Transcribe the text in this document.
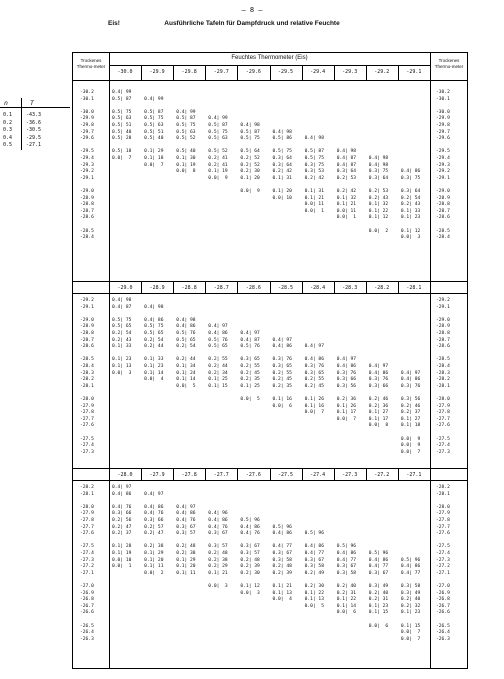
— 8 —
Eis!	Ausführliche Tafeln für Dampfdruck und relative Feuchte
Trockenes Thermo-meter
Trockenes Thermo-meter
Feuchtes Thermometer (Eis)
n	T
0.1	-43.3
0.2	-36.6
0.3	-30.5
0.4	-29.5
0.5	-27.1
-30.0	-29.9	-29.8	-29.7	-29.6	-29.5	-29.4	-29.3	-29.2	-29.1
-30.2	0.4| 99	-30.2
-30.1	0.5| 87	0.4| 99	-30.1
-30.0	0.5| 75	0.5| 87	0.4| 99	-30.0
-29.9	0.5| 63	0.5| 75	0.5| 87	0.4| 99	-29.9
-29.8	0.5| 51	0.5| 63	0.5| 75	0.5| 87	0.4| 98	-29.8
-29.7	0.5| 40	0.5| 51	0.5| 63	0.5| 75	0.5| 87	0.4| 98	-29.7
-29.6	0.5| 28	0.5| 40	0.5| 52	0.5| 63	0.5| 75	0.5| 86	0.4| 98	-29.6
-29.5	0.5| 18	0.1| 29	0.5| 40	0.5| 52	0.5| 64	0.5| 75	0.5| 87	0.4| 98	-29.5
-29.4	0.0|  7	0.1| 18	0.1| 30	0.2| 41	0.2| 52	0.3| 64	0.5| 75	0.4| 87	0.4| 98	-29.4
-29.3	0.0|  7	0.1| 19	0.2| 41	0.2| 52	0.3| 64	0.3| 75	0.4| 87	0.4| 98	-29.3
-29.2	0.0|  8	0.1| 19	0.2| 30	0.2| 42	0.3| 53	0.3| 64	0.3| 75	0.4| 86	-29.2
-29.1	0.0|  9	0.1| 20	0.1| 31	0.2| 42	0.2| 53	0.3| 64	0.3| 75	-29.1
-29.0	0.0|  9	0.1| 20	0.1| 31	0.2| 42	0.2| 53	0.3| 64	-29.0
-28.9	0.0| 10	0.1| 21	0.1| 32	0.2| 43	0.2| 54	-28.9
-28.8	0.0| 11	0.1| 21	0.1| 32	0.2| 43	-28.8
-28.7	0.0|  1	0.0| 11	0.1| 22	0.1| 33	-28.7
-28.6	0.0|  1	0.1| 12	0.1| 23	-28.6
-28.5	0.0|  2	0.1| 12	-28.5
-28.4	0.0|  3	-28.4
-29.0	-28.9	-28.8	-28.7	-28.6	-28.5	-28.4	-28.3	-28.2	-28.1
-29.2	0.4| 98	-29.2
-29.1	0.4| 87	0.4| 98	-29.1
-29.0	0.5| 75	0.4| 86	0.4| 98	-29.0
-28.9	0.5| 65	0.5| 75	0.4| 86	0.4| 97	-28.9
-28.8	0.2| 54	0.5| 65	0.5| 76	0.4| 86	0.4| 97	-28.8
-28.7	0.2| 43	0.2| 54	0.5| 65	0.5| 76	0.4| 87	0.4| 97	-28.7
-28.6	0.1| 33	0.2| 44	0.2| 54	0.5| 65	0.5| 76	0.4| 86	0.4| 97	-28.6
-28.5	0.1| 23	0.1| 33	0.2| 44	0.2| 55	0.3| 65	0.3| 76	0.4| 86	0.4| 97	-28.5
-28.4	0.1| 13	0.1| 23	0.1| 34	0.2| 44	0.2| 55	0.3| 65	0.3| 76	0.4| 86	0.4| 97	-28.4
-28.3	0.0|  3	0.1| 14	0.1| 24	0.2| 34	0.2| 45	0.2| 55	0.3| 65	0.3| 76	0.4| 86	0.4| 97	-28.3
-28.2	0.0|  4	0.1| 14	0.1| 25	0.2| 35	0.2| 45	0.2| 55	0.3| 66	0.3| 76	0.4| 86	-28.2
-28.1	0.0|  5	0.1| 15	0.1| 25	0.2| 35	0.2| 45	0.3| 56	0.3| 66	0.3| 76	-28.1
-28.0	0.0|  5	0.1| 16	0.1| 26	0.2| 36	0.2| 46	0.3| 56	-28.0
-27.9	0.0|  6	0.1| 16	0.1| 26	0.2| 36	0.2| 46	-27.9
-27.8	0.0|  7	0.1| 17	0.1| 27	0.2| 37	-27.8
-27.7	0.0|  7	0.1| 17	0.1| 27	-27.7
-27.6	0.0|  8	0.1| 18	-27.6
-27.5	0.0|  9	-27.5
-27.4	0.0|  9	-27.4
-27.3	0.0|  7	-27.3
-28.0	-27.9	-27.8	-27.7	-27.6	-27.5	-27.4	-27.3	-27.2	-27.1
-28.2	0.4| 97	-28.2
-28.1	0.4| 86	0.4| 97	-28.1
-28.0	0.4| 76	0.4| 86	0.4| 97	-28.0
-27.9	0.3| 66	0.4| 76	0.4| 86	0.4| 96	-27.9
-27.8	0.2| 56	0.3| 66	0.4| 76	0.4| 86	0.5| 96	-27.8
-27.7	0.2| 47	0.2| 57	0.3| 67	0.4| 76	0.4| 86	0.5| 96	-27.7
-27.6	0.2| 37	0.2| 47	0.3| 57	0.3| 67	0.4| 76	0.4| 86	0.5| 96	-27.6
-27.5	0.1| 28	0.2| 38	0.2| 48	0.3| 57	0.3| 67	0.4| 77	0.4| 86	0.5| 96	-27.5
-27.4	0.1| 19	0.1| 29	0.2| 38	0.2| 48	0.3| 57	0.3| 67	0.4| 77	0.4| 86	0.5| 96	-27.4
-27.3	0.0| 10	0.1| 20	0.1| 29	0.2| 38	0.2| 48	0.3| 58	0.3| 67	0.4| 77	0.4| 86	0.5| 96	-27.3
-27.2	0.0|  1	0.1| 11	0.1| 20	0.2| 29	0.2| 39	0.2| 48	0.3| 58	0.3| 67	0.4| 77	0.4| 86	-27.2
-27.1	0.0|  2	0.1| 11	0.1| 21	0.2| 30	0.2| 39	0.2| 49	0.3| 58	0.3| 67	0.4| 77	-27.1
-27.0	0.0|  3	0.1| 12	0.1| 21	0.2| 30	0.2| 40	0.3| 49	0.3| 58	-27.0
-26.9	0.0|  3	0.1| 13	0.1| 22	0.2| 31	0.2| 40	0.3| 49	-26.9
-26.8	0.0|  4	0.1| 13	0.1| 22	0.2| 31	0.2| 40	-26.8
-26.7	0.0|  5	0.1| 14	0.1| 23	0.2| 32	-26.7
-26.6	0.0|  6	0.1| 15	0.1| 23	-26.6
-26.5	0.0|  6	0.1| 15	-26.5
-26.4	0.0|  7	-26.4
-26.3	0.0|  7	-26.3
